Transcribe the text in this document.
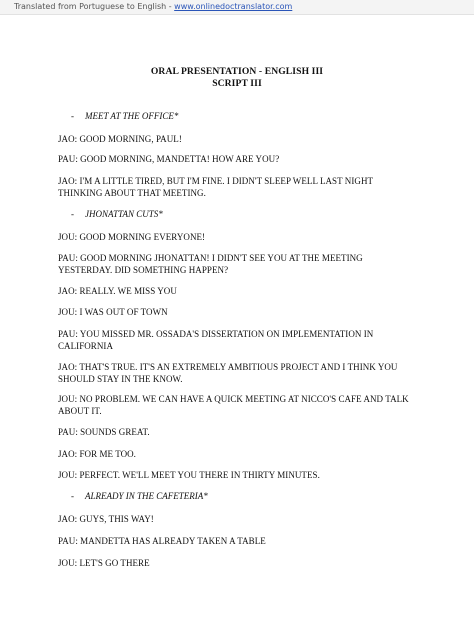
Translated from Portuguese to English - www.onlinedoctranslator.com
ORAL PRESENTATION - ENGLISH III
SCRIPT III
- MEET AT THE OFFICE*
JAO: GOOD MORNING, PAUL!
PAU: GOOD MORNING, MANDETTA! HOW ARE YOU?
JAO: I'M A LITTLE TIRED, BUT I'M FINE. I DIDN'T SLEEP WELL LAST NIGHT THINKING ABOUT THAT MEETING.
- JHONATTAN CUTS*
JOU: GOOD MORNING EVERYONE!
PAU: GOOD MORNING JHONATTAN! I DIDN'T SEE YOU AT THE MEETING YESTERDAY. DID SOMETHING HAPPEN?
JAO: REALLY. WE MISS YOU
JOU: I WAS OUT OF TOWN
PAU: YOU MISSED MR. OSSADA'S DISSERTATION ON IMPLEMENTATION IN CALIFORNIA
JAO: THAT'S TRUE. IT'S AN EXTREMELY AMBITIOUS PROJECT AND I THINK YOU SHOULD STAY IN THE KNOW.
JOU: NO PROBLEM. WE CAN HAVE A QUICK MEETING AT NICCO'S CAFE AND TALK ABOUT IT.
PAU: SOUNDS GREAT.
JAO: FOR ME TOO.
JOU: PERFECT. WE'LL MEET YOU THERE IN THIRTY MINUTES.
- ALREADY IN THE CAFETERIA*
JAO: GUYS, THIS WAY!
PAU: MANDETTA HAS ALREADY TAKEN A TABLE
JOU: LET'S GO THERE
